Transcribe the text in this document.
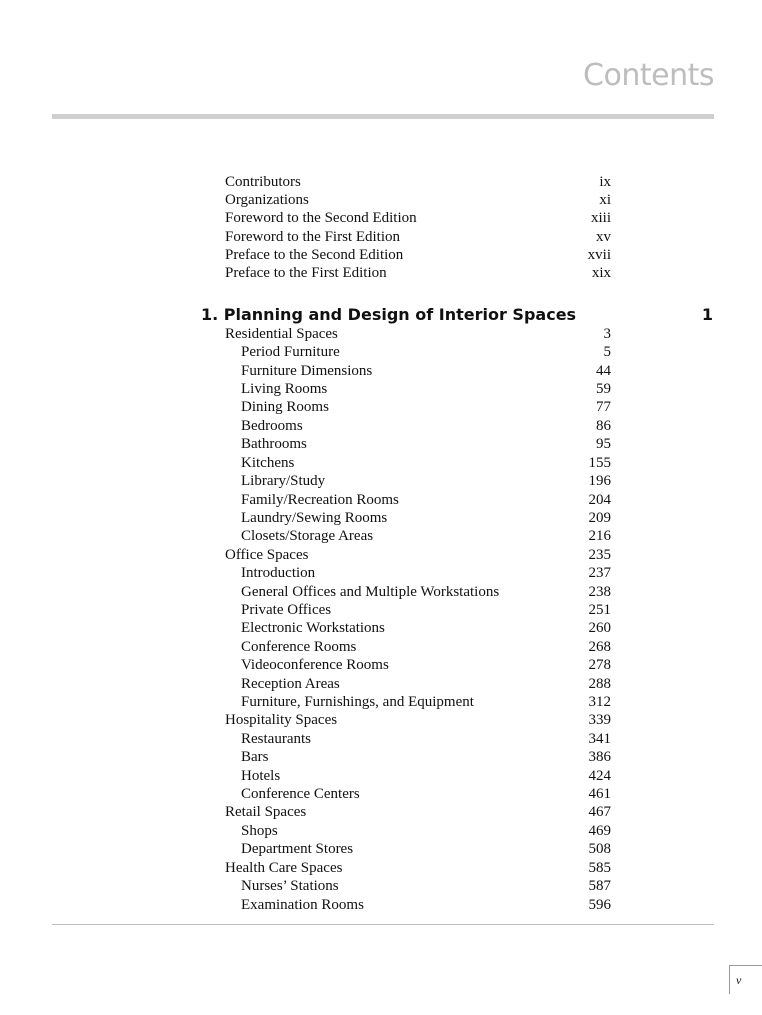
Contents
Contributors	ix
Organizations	xi
Foreword to the Second Edition	xiii
Foreword to the First Edition	xv
Preface to the Second Edition	xvii
Preface to the First Edition	xix
1. Planning and Design of Interior Spaces	1
Residential Spaces	3
Period Furniture	5
Furniture Dimensions	44
Living Rooms	59
Dining Rooms	77
Bedrooms	86
Bathrooms	95
Kitchens	155
Library/Study	196
Family/Recreation Rooms	204
Laundry/Sewing Rooms	209
Closets/Storage Areas	216
Office Spaces	235
Introduction	237
General Offices and Multiple Workstations	238
Private Offices	251
Electronic Workstations	260
Conference Rooms	268
Videoconference Rooms	278
Reception Areas	288
Furniture, Furnishings, and Equipment	312
Hospitality Spaces	339
Restaurants	341
Bars	386
Hotels	424
Conference Centers	461
Retail Spaces	467
Shops	469
Department Stores	508
Health Care Spaces	585
Nurses’ Stations	587
Examination Rooms	596
v
